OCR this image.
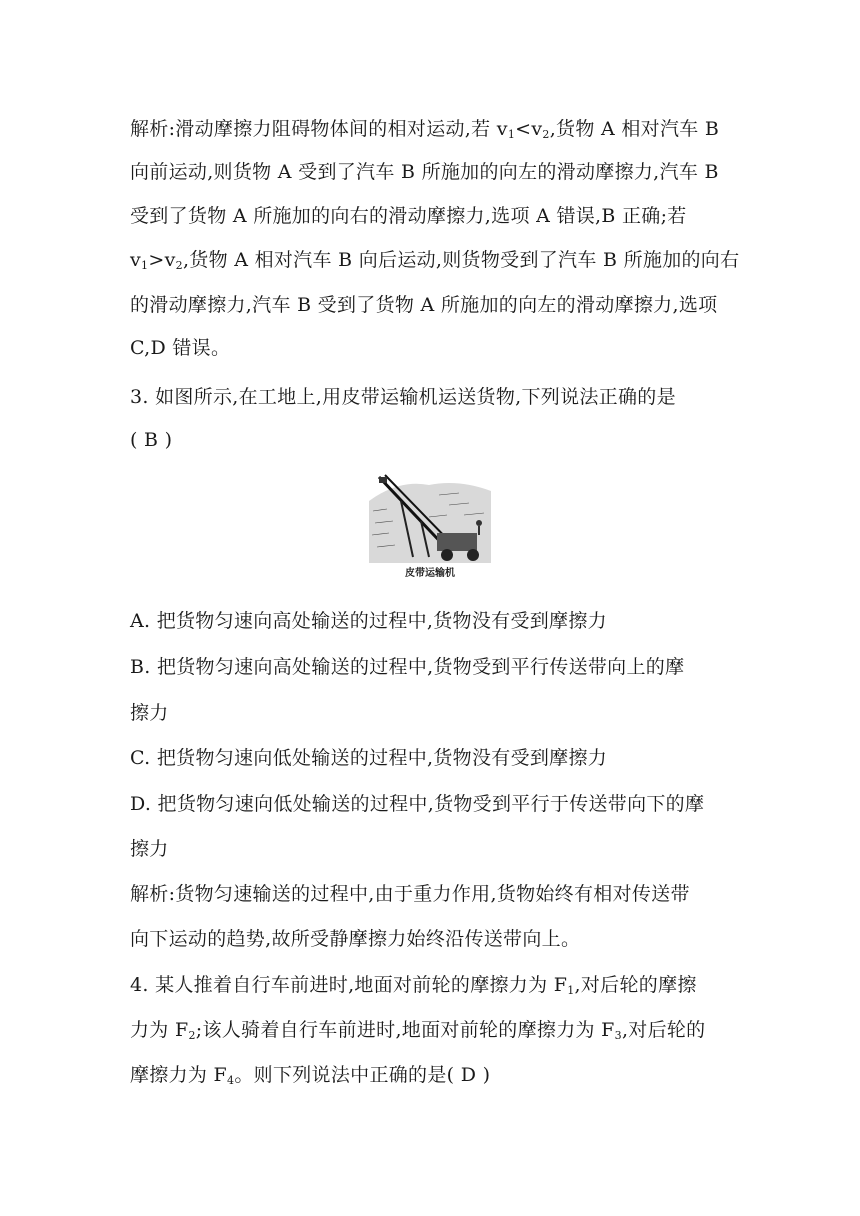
解析:滑动摩擦力阻碍物体间的相对运动,若 $v_1<v_2$,货物 A 相对汽车 B
向前运动,则货物 A 受到了汽车 B 所施加的向左的滑动摩擦力,汽车 B
受到了货物 A 所施加的向右的滑动摩擦力,选项 A 错误,B 正确;若
$v_1>v_2$,货物 A 相对汽车 B 向后运动,则货物受到了汽车 B 所施加的向右
的滑动摩擦力,汽车 B 受到了货物 A 所施加的向左的滑动摩擦力,选项
C,D 错误。
3. 如图所示,在工地上,用皮带运输机运送货物,下列说法正确的是
( B )
皮带运输机
A. 把货物匀速向高处输送的过程中,货物没有受到摩擦力
B. 把货物匀速向高处输送的过程中,货物受到平行传送带向上的摩
擦力
C. 把货物匀速向低处输送的过程中,货物没有受到摩擦力
D. 把货物匀速向低处输送的过程中,货物受到平行于传送带向下的摩
擦力
解析:货物匀速输送的过程中,由于重力作用,货物始终有相对传送带
向下运动的趋势,故所受静摩擦力始终沿传送带向上。
4. 某人推着自行车前进时,地面对前轮的摩擦力为 $F_1$,对后轮的摩擦
力为 $F_2$;该人骑着自行车前进时,地面对前轮的摩擦力为 $F_3$,对后轮的
摩擦力为 $F_4$。则下列说法中正确的是( D )
